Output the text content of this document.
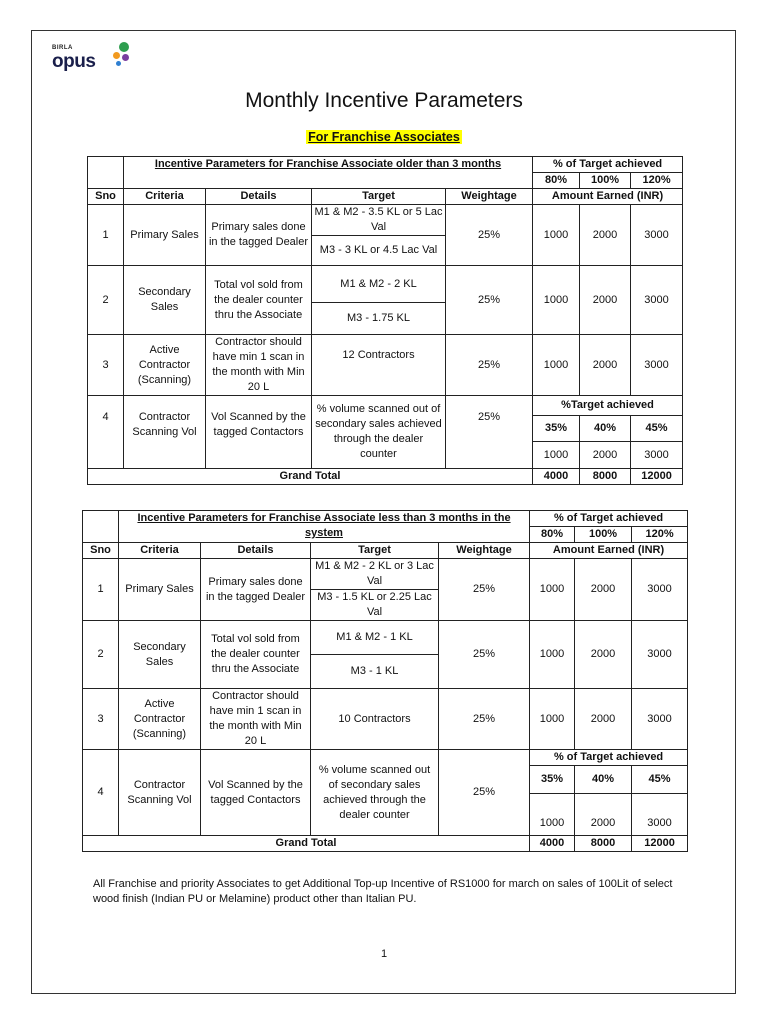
BIRLA
opus
Monthly Incentive Parameters
For Franchise Associates
	Incentive Parameters for Franchise Associate older than 3 months				% of Target achieved		
					80%	100%	120%
Sno	Criteria	Details	Target	Weightage	Amount Earned (INR)		
1	Primary Sales	Primary sales done in the tagged Dealer	M1 & M2 - 3.5 KL or 5 Lac Val	25%	1000	2000	3000
			M3 - 3 KL or 4.5 Lac Val				
2	Secondary Sales	Total vol sold from the dealer counter thru the Associate	M1 & M2 - 2 KL	25%	1000	2000	3000
			M3 - 1.75 KL				
3	Active Contractor (Scanning)	Contractor should have min 1 scan in the month with Min 20 L	12 Contractors	25%	1000	2000	3000
4	Contractor Scanning Vol	Vol Scanned by the tagged Contactors	% volume scanned out of secondary sales achieved through the dealer counter	25%	%Target achieved		
					35%	40%	45%
					1000	2000	3000
Grand Total					4000	8000	12000
	Incentive Parameters for Franchise Associate less than 3 months in the system				% of Target achieved		
					80%	100%	120%
Sno	Criteria	Details	Target	Weightage	Amount Earned (INR)		
1	Primary Sales	Primary sales done in the tagged Dealer	M1 & M2 - 2 KL or 3 Lac Val	25%	1000	2000	3000
			M3 - 1.5 KL or 2.25 Lac Val				
2	Secondary Sales	Total vol sold from the dealer counter thru the Associate	M1 & M2 - 1 KL	25%	1000	2000	3000
			M3 - 1 KL				
3	Active Contractor (Scanning)	Contractor should have min 1 scan in the month with Min 20 L	10 Contractors	25%	1000	2000	3000
4	Contractor Scanning Vol	Vol Scanned by the tagged Contactors	% volume scanned out of secondary sales achieved through the dealer counter	25%	% of Target achieved		
					35%	40%	45%
					1000	2000	3000
Grand Total					4000	8000	12000
All Franchise and priority Associates to get Additional Top-up Incentive of RS1000 for march on sales of 100Lit of select wood finish (Indian PU or Melamine) product other than Italian PU.
1
